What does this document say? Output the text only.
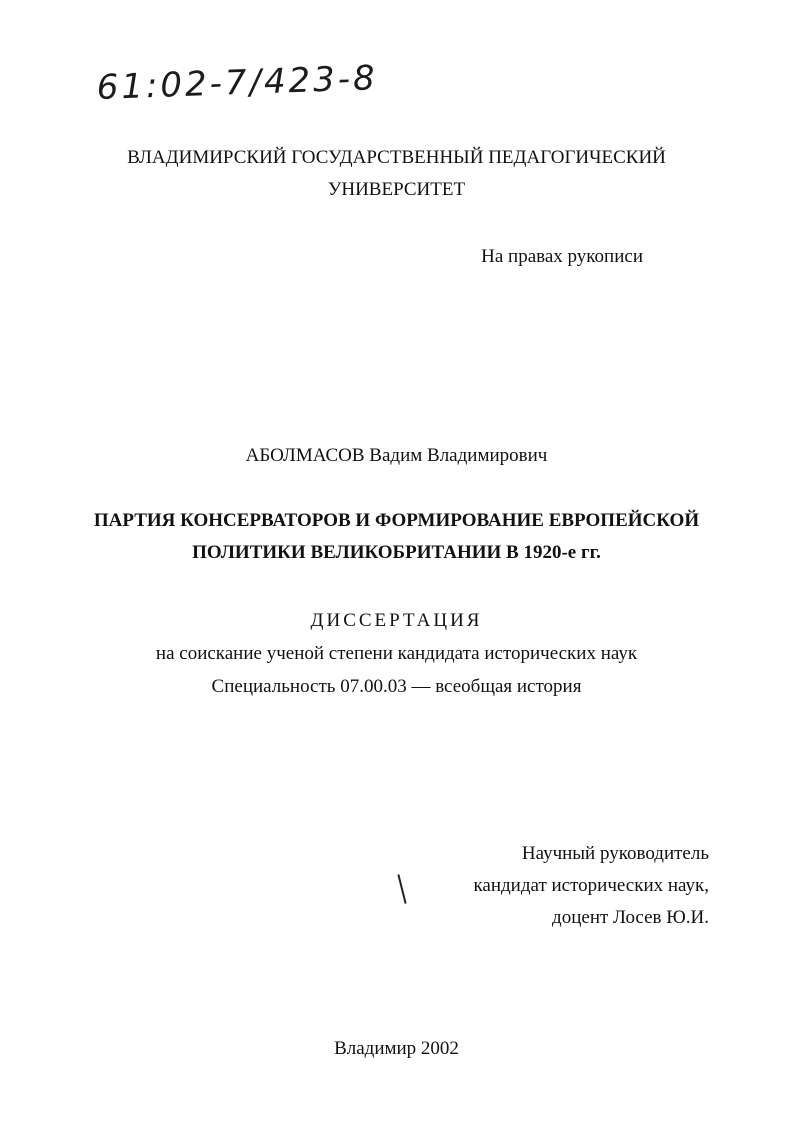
61:02-7/423-8
ВЛАДИМИРСКИЙ ГОСУДАРСТВЕННЫЙ ПЕДАГОГИЧЕСКИЙ
УНИВЕРСИТЕТ
На правах рукописи
АБОЛМАСОВ Вадим Владимирович
ПАРТИЯ КОНСЕРВАТОРОВ И ФОРМИРОВАНИЕ ЕВРОПЕЙСКОЙ
ПОЛИТИКИ ВЕЛИКОБРИТАНИИ В 1920-е гг.
ДИССЕРТАЦИЯ
на соискание ученой степени кандидата исторических наук
Специальность 07.00.03 — всеобщая история
Научный руководитель
кандидат исторических наук,
доцент Лосев Ю.И.
Владимир 2002
